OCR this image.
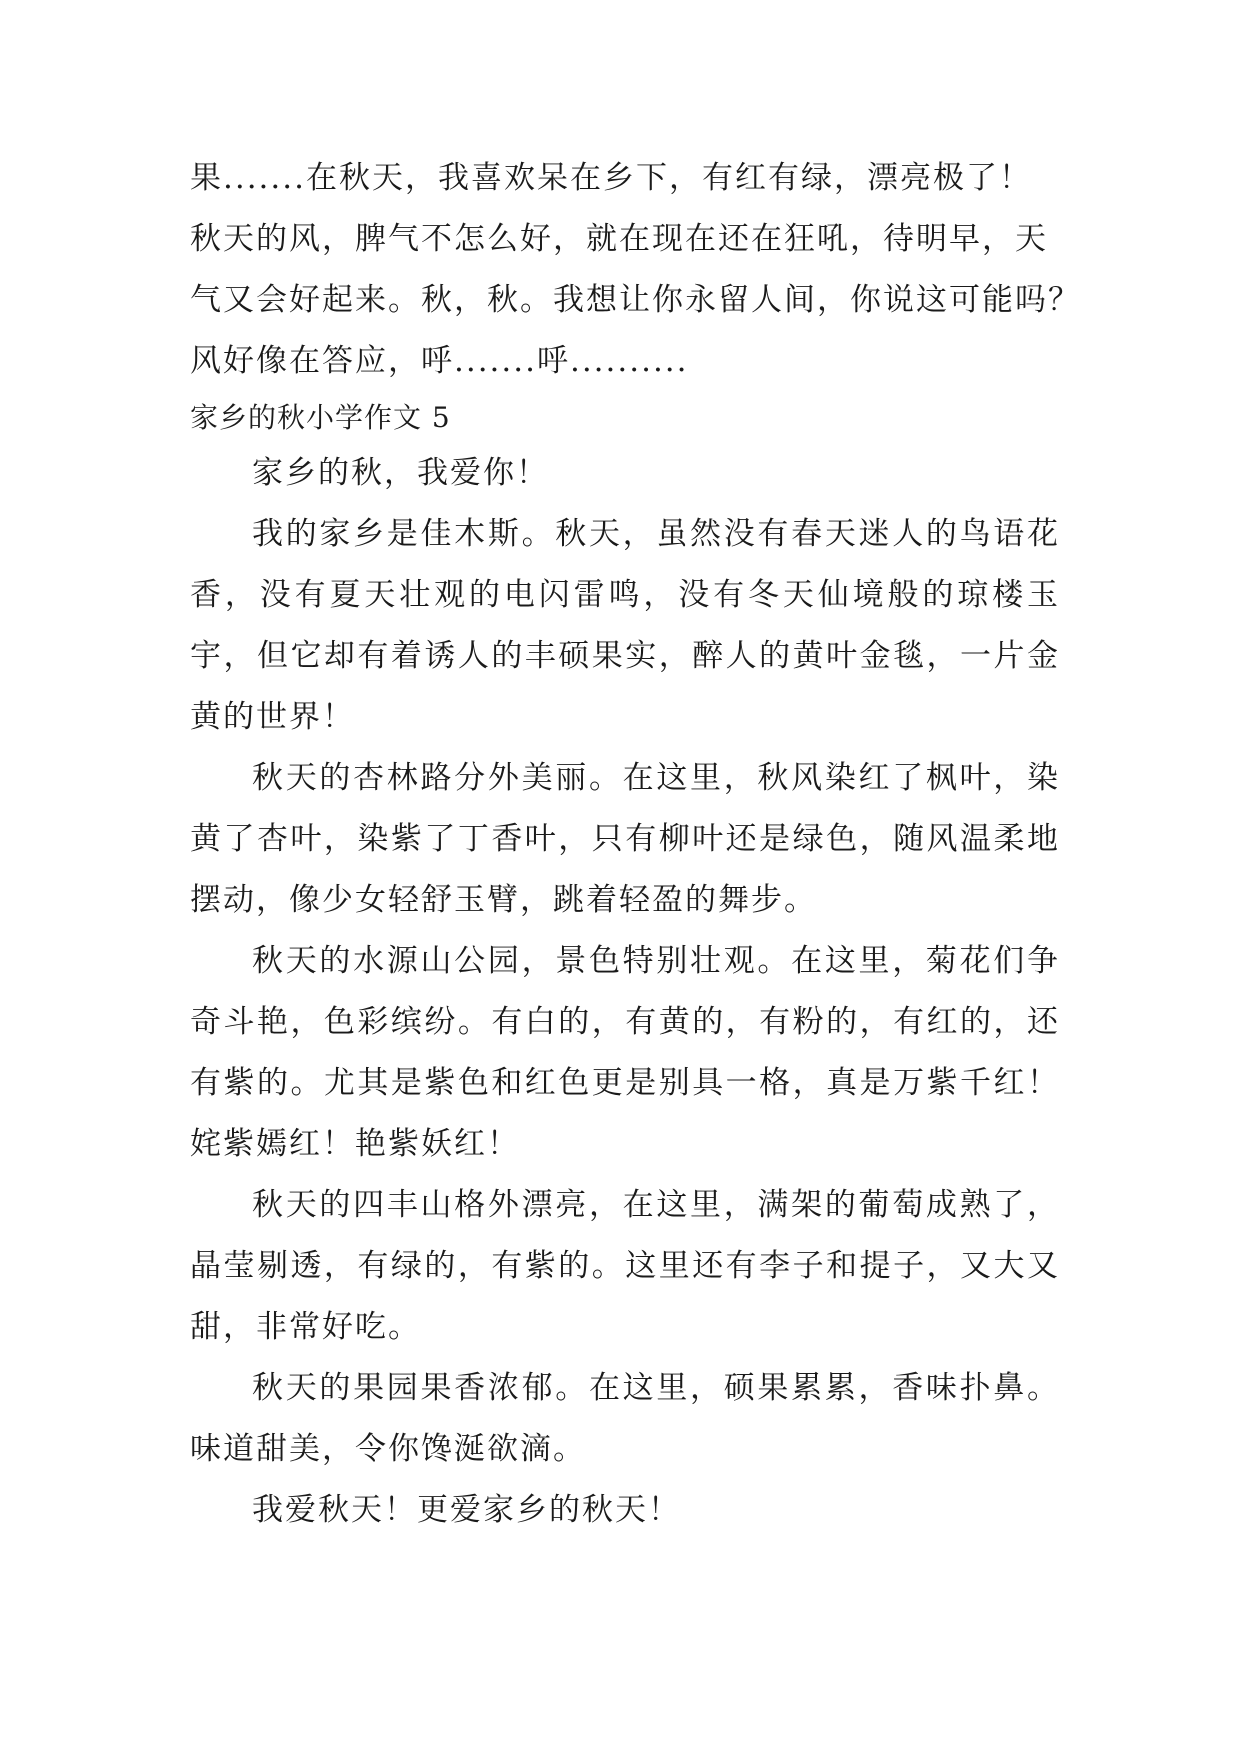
果.......在秋天，我喜欢呆在乡下，有红有绿，漂亮极了！
秋天的风，脾气不怎么好，就在现在还在狂吼，待明早，天
气又会好起来。秋，秋。我想让你永留人间，你说这可能吗？
风好像在答应，呼.......呼..........
家乡的秋小学作文 5

家乡的秋，我爱你！

我的家乡是佳木斯。秋天，虽然没有春天迷人的鸟语花香，没有夏天壮观的电闪雷鸣，没有冬天仙境般的琼楼玉宇，但它却有着诱人的丰硕果实，醉人的黄叶金毯，一片金黄的世界！

秋天的杏林路分外美丽。在这里，秋风染红了枫叶，染黄了杏叶，染紫了丁香叶，只有柳叶还是绿色，随风温柔地摆动，像少女轻舒玉臂，跳着轻盈的舞步。

秋天的水源山公园，景色特别壮观。在这里，菊花们争奇斗艳，色彩缤纷。有白的，有黄的，有粉的，有红的，还有紫的。尤其是紫色和红色更是别具一格，真是万紫千红！姹紫嫣红！艳紫妖红！

秋天的四丰山格外漂亮，在这里，满架的葡萄成熟了，晶莹剔透，有绿的，有紫的。这里还有李子和提子，又大又甜，非常好吃。

秋天的果园果香浓郁。在这里，硕果累累，香味扑鼻。味道甜美，令你馋涎欲滴。

我爱秋天！更爱家乡的秋天！
